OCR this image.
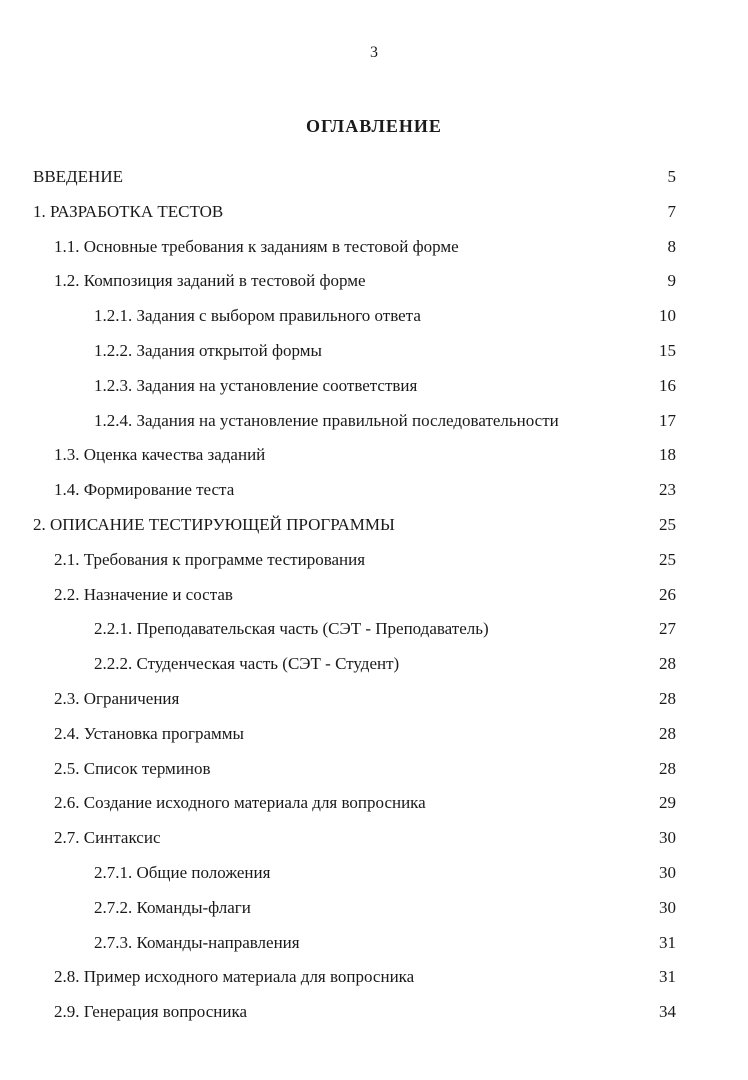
3
ОГЛАВЛЕНИЕ
ВВЕДЕНИЕ	5
1. РАЗРАБОТКА ТЕСТОВ	7
1.1. Основные требования к заданиям в тестовой форме	8
1.2. Композиция заданий в тестовой форме	9
1.2.1. Задания с выбором правильного ответа	10
1.2.2. Задания открытой формы	15
1.2.3. Задания на установление соответствия	16
1.2.4. Задания на установление правильной последовательности	17
1.3. Оценка качества заданий	18
1.4. Формирование теста	23
2. ОПИСАНИЕ ТЕСТИРУЮЩЕЙ ПРОГРАММЫ	25
2.1. Требования к программе тестирования	25
2.2. Назначение и состав	26
2.2.1. Преподавательская часть (СЭТ - Преподаватель)	27
2.2.2. Студенческая часть (СЭТ - Студент)	28
2.3. Ограничения	28
2.4. Установка программы	28
2.5. Список терминов	28
2.6. Создание исходного материала для вопросника	29
2.7. Синтаксис	30
2.7.1. Общие положения	30
2.7.2. Команды-флаги	30
2.7.3. Команды-направления	31
2.8. Пример исходного материала для вопросника	31
2.9. Генерация вопросника	34
